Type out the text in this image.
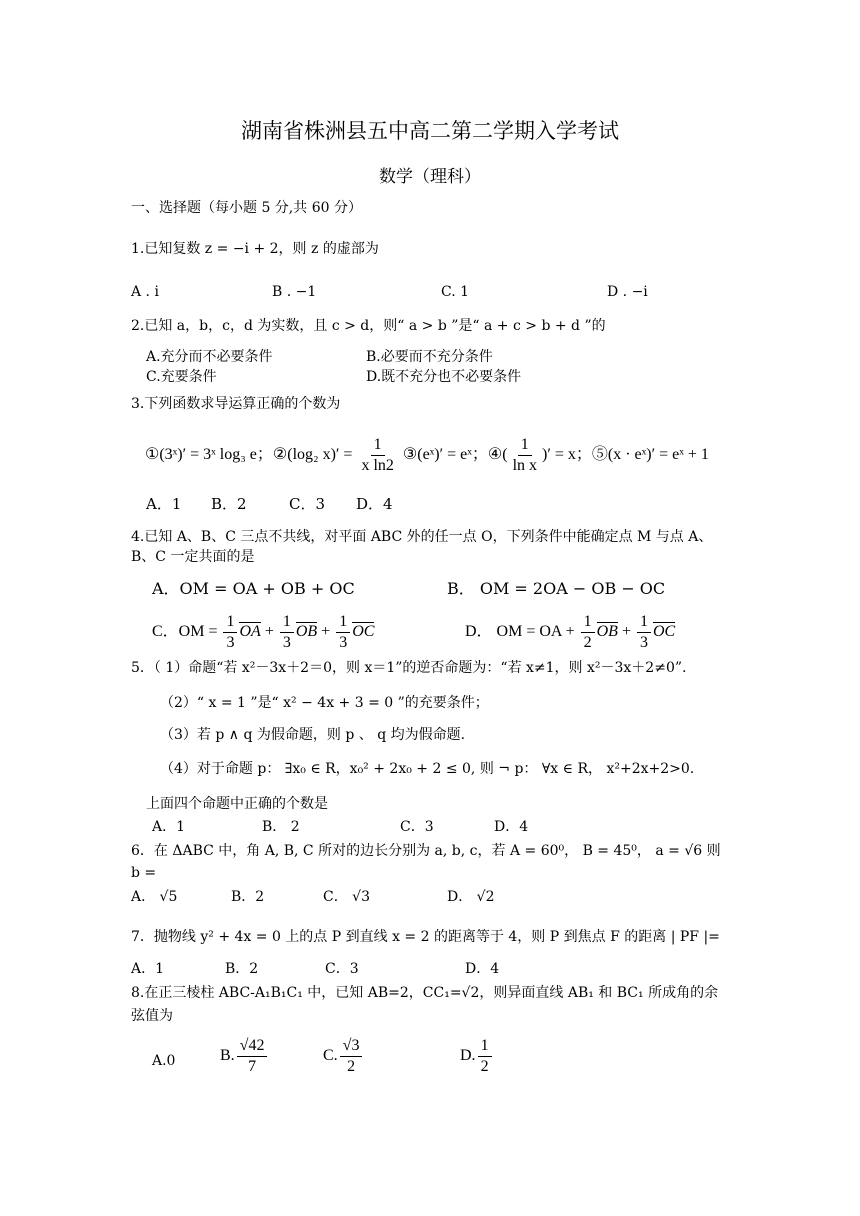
湖南省株洲县五中高二第二学期入学考试
数学（理科）
一、选择题（每小题 5 分,共 60 分）
1.已知复数 z = −i + 2，则 z 的虚部为
A . i	B . −1	C. 1	D . −i
2.已知 a，b，c，d 为实数，且 c > d，则“ a > b ”是“ a + c > b + d ”的
A.充分而不必要条件	B.必要而不充分条件
C.充要条件	D.既不充分也不必要条件
3.下列函数求导运算正确的个数为
①(3ˣ)′ = 3ˣ log₃ e；②(log₂ $x)' = \frac{1}{\text{x ln2}}$ ③(eˣ)′ = eˣ；④( $\frac{1}{\text{ln x}}$ )′ = x；⑤(x · eˣ)′ = eˣ + 1
A．1 B．2	C．3 D．4
4.已知 A、B、C 三点不共线，对平面 ABC 外的任一点 O，下列条件中能确定点 M 与点 A、
B、C 一定共面的是
A．OM = OA + OB + OC	B． OM = 2OA − OB − OC
C．OM = $\frac{1}{3}$ OA + $\frac{1}{3}$ OB + $\frac{1}{3}$ OC	D． OM = OA + $\frac{1}{2}$ OB + $\frac{1}{3}$ OC
5．（ 1）命题“若 x²－3x＋2＝0，则 x＝1”的逆否命题为：“若 x≠1，则 x²－3x＋2≠0”.
（2）“ x = 1 ”是“ x² − 4x + 3 = 0 ”的充要条件；
（3）若 p ∧ q 为假命题，则 p 、 q 均为假命题.
（4）对于命题 p： ∃x₀ ∈ R，x₀² + 2x₀ + 2 ≤ 0, 则 ¬ p： ∀x ∈ R， x²+2x+2>0.
上面四个命题中正确的个数是
A．1	B． 2	C．3	D．4
6．在 ΔABC 中，角 A, B, C 所对的边长分别为 a, b, c，若 A = 60⁰， B = 45⁰， a = √6 则
b =
A． √5	B．2	C． √3	D． √2
7．抛物线 y² + 4x = 0 上的点 P 到直线 x = 2 的距离等于 4，则 P 到焦点 F 的距离 | PF |=
A．1	B．2	C．3	D．4
8.在正三棱柱 ABC-A₁B₁C₁ 中，已知 AB=2，CC₁=√2，则异面直线 AB₁ 和 BC₁ 所成角的余
弦值为
A.0	B. $\frac{√42}{7}$	C. $\frac{√3}{2}$	D. $\frac{1}{2}$
